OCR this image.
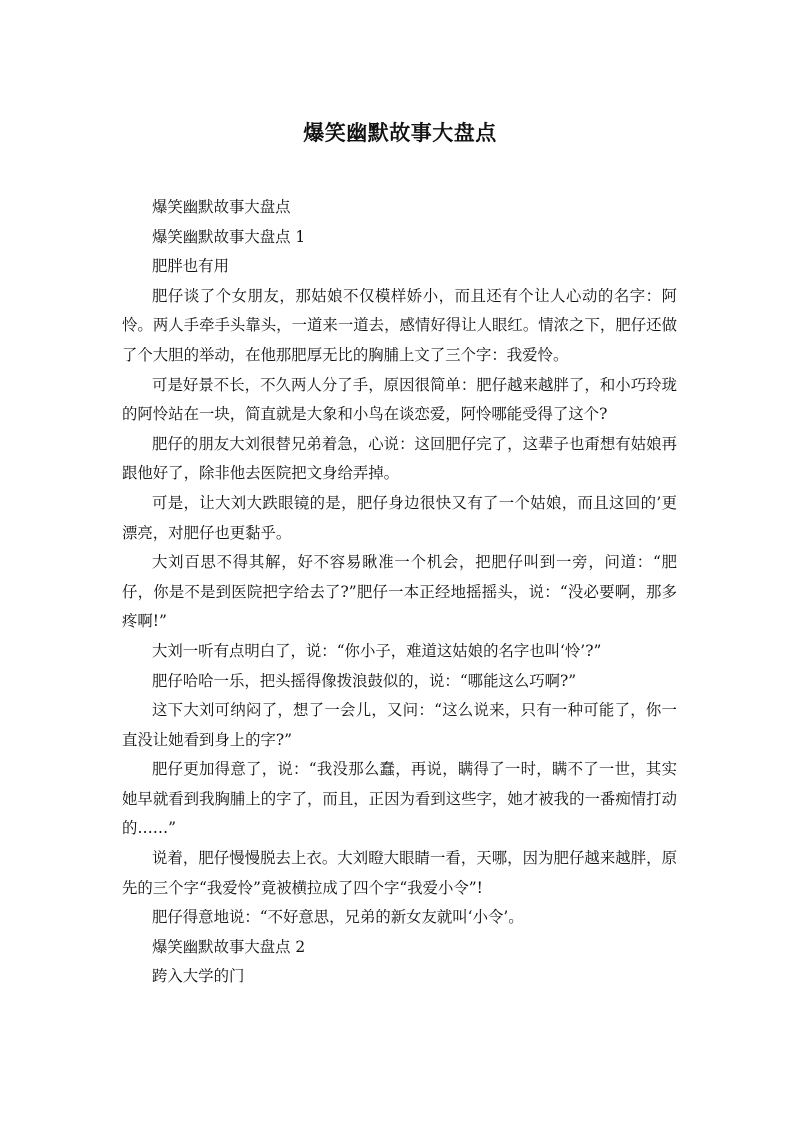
爆笑幽默故事大盘点

爆笑幽默故事大盘点

爆笑幽默故事大盘点 1

肥胖也有用

肥仔谈了个女朋友，那姑娘不仅模样娇小，而且还有个让人心动的名字：阿怜。两人手牵手头靠头，一道来一道去，感情好得让人眼红。情浓之下，肥仔还做了个大胆的举动，在他那肥厚无比的胸脯上文了三个字：我爱怜。

可是好景不长，不久两人分了手，原因很简单：肥仔越来越胖了，和小巧玲珑的阿怜站在一块，简直就是大象和小鸟在谈恋爱，阿怜哪能受得了这个?

肥仔的朋友大刘很替兄弟着急，心说：这回肥仔完了，这辈子也甭想有姑娘再跟他好了，除非他去医院把文身给弄掉。

可是，让大刘大跌眼镜的是，肥仔身边很快又有了一个姑娘，而且这回的’更漂亮，对肥仔也更黏乎。

大刘百思不得其解，好不容易瞅准一个机会，把肥仔叫到一旁，问道：“肥仔，你是不是到医院把字给去了?”肥仔一本正经地摇摇头，说：“没必要啊，那多疼啊!”

大刘一听有点明白了，说：“你小子，难道这姑娘的名字也叫‘怜’?”

肥仔哈哈一乐，把头摇得像拨浪鼓似的，说：“哪能这么巧啊?”

这下大刘可纳闷了，想了一会儿，又问：“这么说来，只有一种可能了，你一直没让她看到身上的字?”

肥仔更加得意了，说：“我没那么蠢，再说，瞒得了一时，瞒不了一世，其实她早就看到我胸脯上的字了，而且，正因为看到这些字，她才被我的一番痴情打动的……”

说着，肥仔慢慢脱去上衣。大刘瞪大眼睛一看，天哪，因为肥仔越来越胖，原先的三个字“我爱怜”竟被横拉成了四个字“我爱小令”!

肥仔得意地说：“不好意思，兄弟的新女友就叫‘小令’。

爆笑幽默故事大盘点 2

跨入大学的门
